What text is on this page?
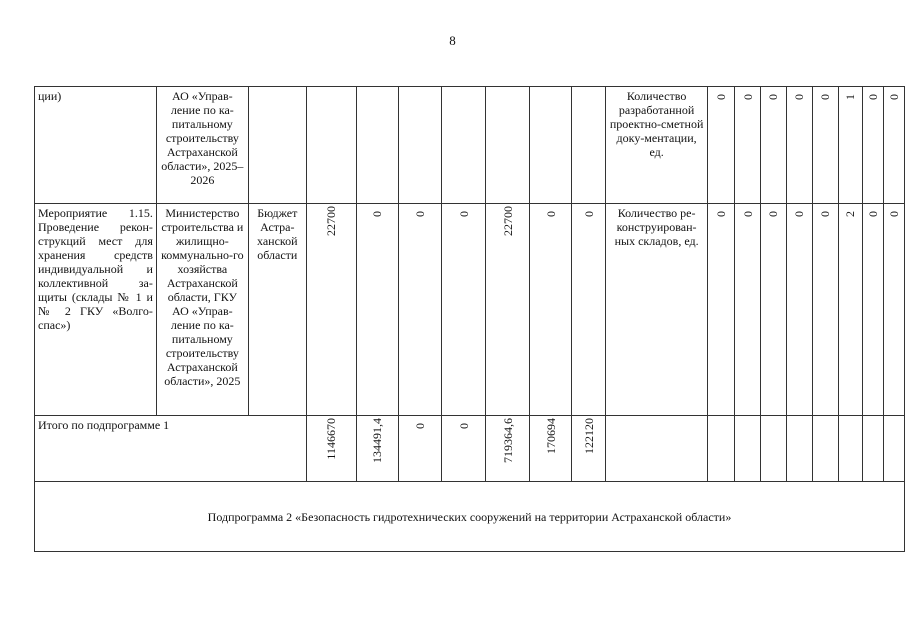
8
ции)	АО «Управ-ление по ка-питальному строительству Астраханской области», 2025–2026									Количество разработанной проектно-сметной доку-ментации, ед.	0	0	0	0	0	1	0	0
Мероприятие 1.15. Проведение рекон-струкций мест для хранения средств индивидуальной и коллективной за-щиты (склады № 1 и № 2 ГКУ «Волго-спас»)	Министерство строительства и жилищно-коммунально-го хозяйства Астраханской области, ГКУ АО «Управ-ление по ка-питальному строительству Астраханской области», 2025	Бюджет Астра-ханской области	22700	0	0	0	22700	0	0	Количество ре-конструирован-ных складов, ед.	0	0	0	0	0	2	0	0
Итого по подпрограмме 1			1146670	134491,4	0	0	719364,6	170694	122120									
Подпрограмма 2 «Безопасность гидротехнических сооружений на территории Астраханской области»																		
